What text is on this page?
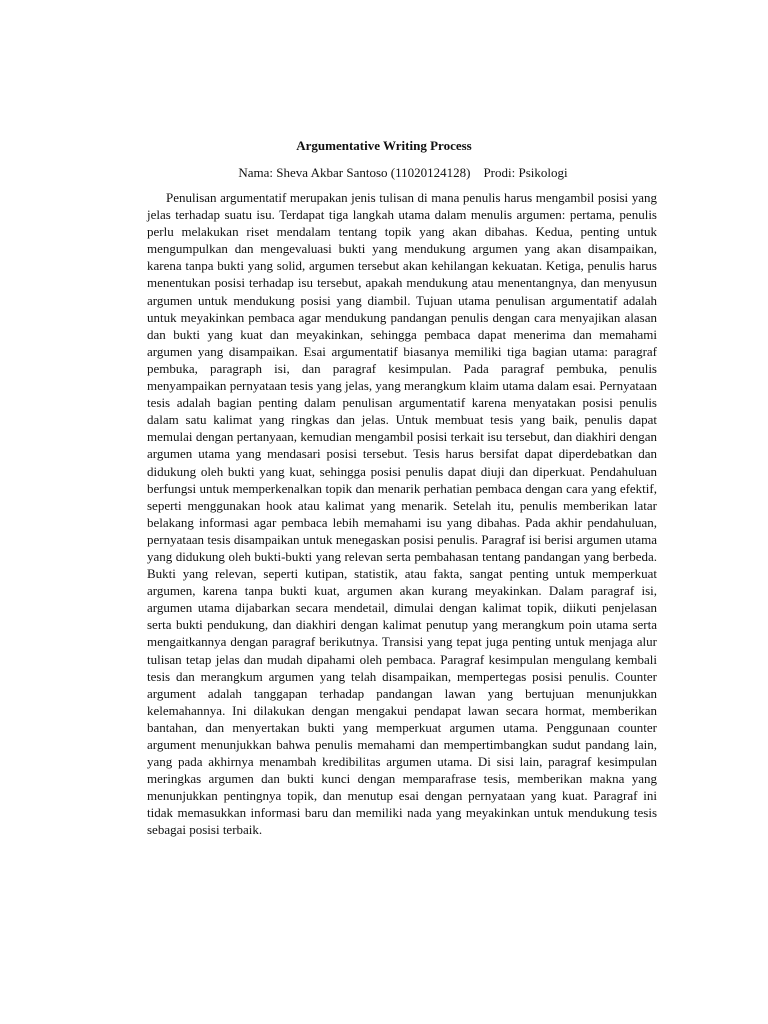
Argumentative Writing Process
Nama: Sheva Akbar Santoso (11020124128) Prodi: Psikologi

Penulisan argumentatif merupakan jenis tulisan di mana penulis harus mengambil posisi yang jelas terhadap suatu isu. Terdapat tiga langkah utama dalam menulis argumen: pertama, penulis perlu melakukan riset mendalam tentang topik yang akan dibahas. Kedua, penting untuk mengumpulkan dan mengevaluasi bukti yang mendukung argumen yang akan disampaikan, karena tanpa bukti yang solid, argumen tersebut akan kehilangan kekuatan. Ketiga, penulis harus menentukan posisi terhadap isu tersebut, apakah mendukung atau menentangnya, dan menyusun argumen untuk mendukung posisi yang diambil. Tujuan utama penulisan argumentatif adalah untuk meyakinkan pembaca agar mendukung pandangan penulis dengan cara menyajikan alasan dan bukti yang kuat dan meyakinkan, sehingga pembaca dapat menerima dan memahami argumen yang disampaikan. Esai argumentatif biasanya memiliki tiga bagian utama: paragraf pembuka, paragraph isi, dan paragraf kesimpulan. Pada paragraf pembuka, penulis menyampaikan pernyataan tesis yang jelas, yang merangkum klaim utama dalam esai. Pernyataan tesis adalah bagian penting dalam penulisan argumentatif karena menyatakan posisi penulis dalam satu kalimat yang ringkas dan jelas. Untuk membuat tesis yang baik, penulis dapat memulai dengan pertanyaan, kemudian mengambil posisi terkait isu tersebut, dan diakhiri dengan argumen utama yang mendasari posisi tersebut. Tesis harus bersifat dapat diperdebatkan dan didukung oleh bukti yang kuat, sehingga posisi penulis dapat diuji dan diperkuat. Pendahuluan berfungsi untuk memperkenalkan topik dan menarik perhatian pembaca dengan cara yang efektif, seperti menggunakan hook atau kalimat yang menarik. Setelah itu, penulis memberikan latar belakang informasi agar pembaca lebih memahami isu yang dibahas. Pada akhir pendahuluan, pernyataan tesis disampaikan untuk menegaskan posisi penulis. Paragraf isi berisi argumen utama yang didukung oleh bukti-bukti yang relevan serta pembahasan tentang pandangan yang berbeda. Bukti yang relevan, seperti kutipan, statistik, atau fakta, sangat penting untuk memperkuat argumen, karena tanpa bukti kuat, argumen akan kurang meyakinkan. Dalam paragraf isi, argumen utama dijabarkan secara mendetail, dimulai dengan kalimat topik, diikuti penjelasan serta bukti pendukung, dan diakhiri dengan kalimat penutup yang merangkum poin utama serta mengaitkannya dengan paragraf berikutnya. Transisi yang tepat juga penting untuk menjaga alur tulisan tetap jelas dan mudah dipahami oleh pembaca. Paragraf kesimpulan mengulang kembali tesis dan merangkum argumen yang telah disampaikan, mempertegas posisi penulis. Counter argument adalah tanggapan terhadap pandangan lawan yang bertujuan menunjukkan kelemahannya. Ini dilakukan dengan mengakui pendapat lawan secara hormat, memberikan bantahan, dan menyertakan bukti yang memperkuat argumen utama. Penggunaan counter argument menunjukkan bahwa penulis memahami dan mempertimbangkan sudut pandang lain, yang pada akhirnya menambah kredibilitas argumen utama. Di sisi lain, paragraf kesimpulan meringkas argumen dan bukti kunci dengan memparafrase tesis, memberikan makna yang menunjukkan pentingnya topik, dan menutup esai dengan pernyataan yang kuat. Paragraf ini tidak memasukkan informasi baru dan memiliki nada yang meyakinkan untuk mendukung tesis sebagai posisi terbaik.
